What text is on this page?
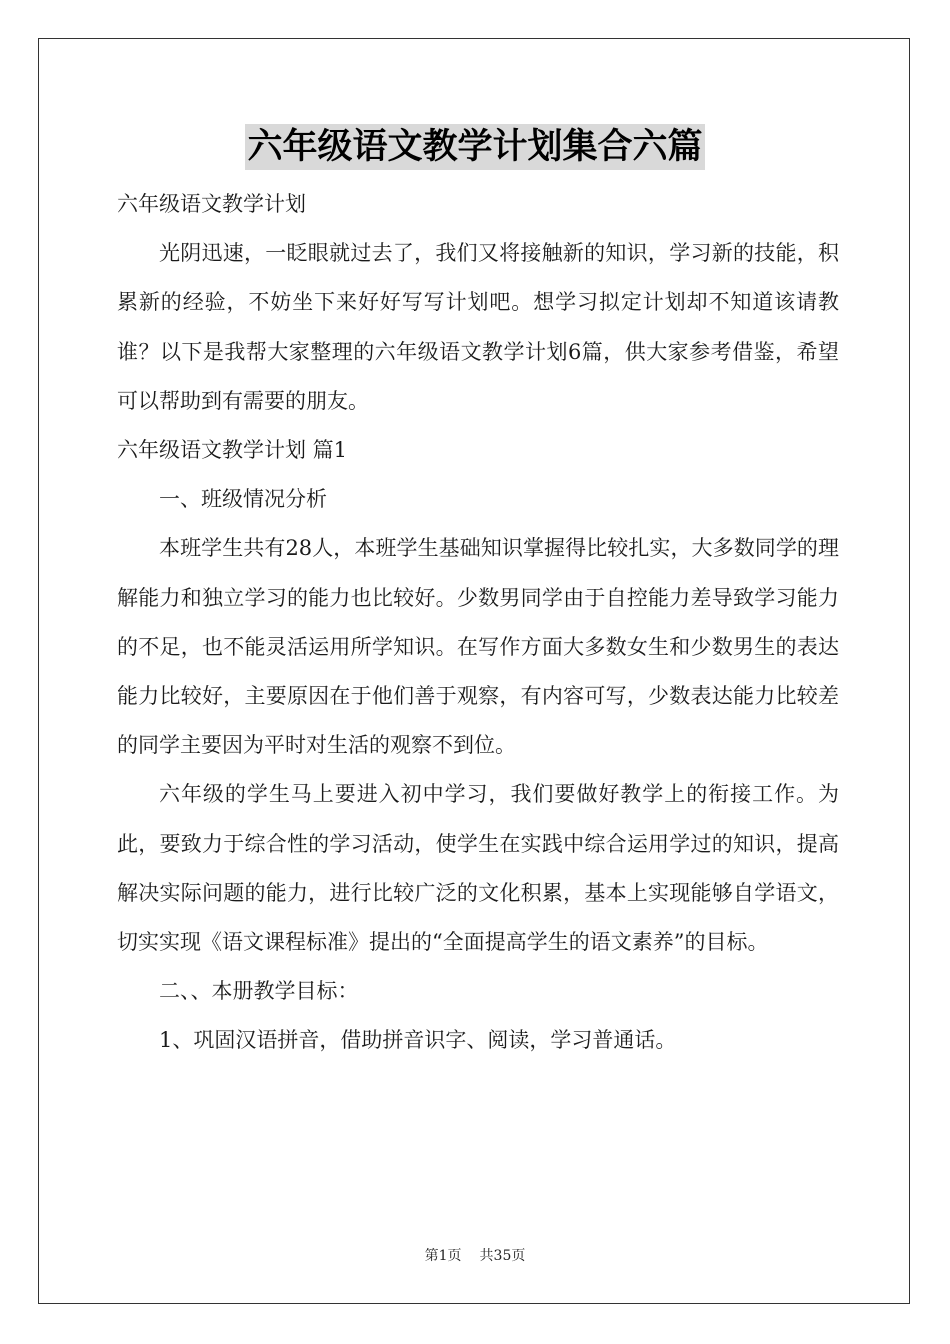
六年级语文教学计划集合六篇

六年级语文教学计划

光阴迅速，一眨眼就过去了，我们又将接触新的知识，学习新的技能，积累新的经验，不妨坐下来好好写写计划吧。想学习拟定计划却不知道该请教谁？以下是我帮大家整理的六年级语文教学计划6篇，供大家参考借鉴，希望可以帮助到有需要的朋友。

六年级语文教学计划 篇1

一、班级情况分析

本班学生共有28人，本班学生基础知识掌握得比较扎实，大多数同学的理解能力和独立学习的能力也比较好。少数男同学由于自控能力差导致学习能力的不足，也不能灵活运用所学知识。在写作方面大多数女生和少数男生的表达能力比较好，主要原因在于他们善于观察，有内容可写，少数表达能力比较差的同学主要因为平时对生活的观察不到位。

六年级的学生马上要进入初中学习，我们要做好教学上的衔接工作。为此，要致力于综合性的学习活动，使学生在实践中综合运用学过的知识，提高解决实际问题的能力，进行比较广泛的文化积累，基本上实现能够自学语文，切实实现《语文课程标准》提出的“全面提高学生的语文素养”的目标。

二、、本册教学目标：

1、巩固汉语拼音，借助拼音识字、阅读，学习普通话。

第1页 共35页
